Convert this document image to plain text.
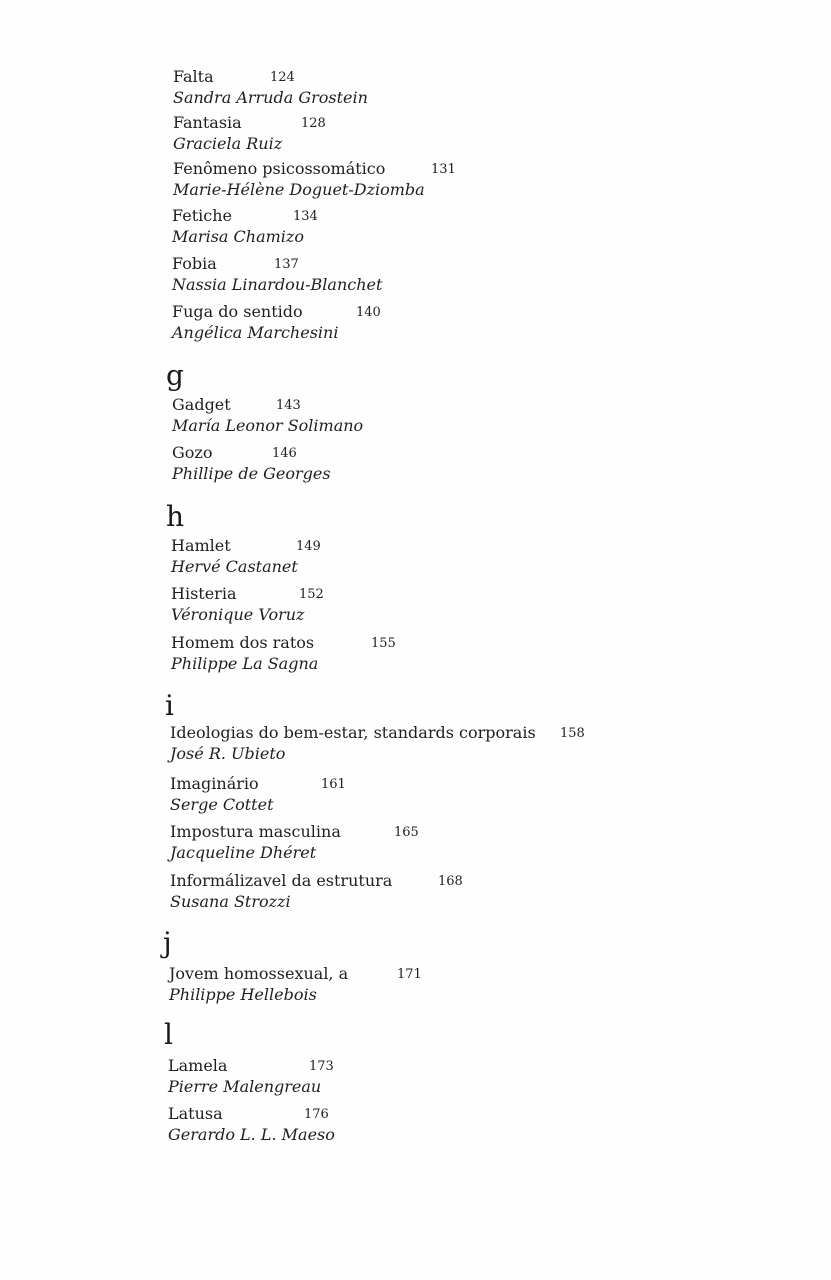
Falta	124
Sandra Arruda Grostein
Fantasia	128
Graciela Ruiz
Fenômeno psicossomático	131
Marie-Hélène Doguet-Dziomba
Fetiche	134
Marisa Chamizo
Fobia	137
Nassia Linardou-Blanchet
Fuga do sentido	140
Angélica Marchesini
g
Gadget	143
María Leonor Solimano
Gozo	146
Phillipe de Georges
h
Hamlet	149
Hervé Castanet
Histeria	152
Véronique Voruz
Homem dos ratos	155
Philippe La Sagna
i
Ideologias do bem-estar, standards corporais 158
José R. Ubieto
Imaginário	161
Serge Cottet
Impostura masculina	165
Jacqueline Dhéret
Informálizavel da estrutura	168
Susana Strozzi
j
Jovem homossexual, a	171
Philippe Hellebois
l
Lamela	173
Pierre Malengreau
Latusa	176
Gerardo L. L. Maeso
